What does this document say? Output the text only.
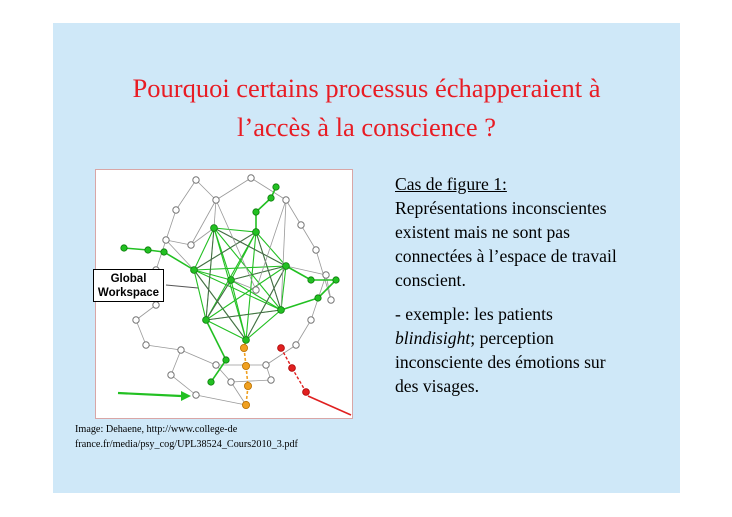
Pourquoi certains processus échapperaient à
l’accès à la conscience ?
Global
Workspace
Image: Dehaene, http://www.college-de
france.fr/media/psy_cog/UPL38524_Cours2010_3.pdf
Cas de figure 1:
Représentations inconscientes
existent mais ne sont pas
connectées à l’espace de travail
conscient.
- exemple: les patients
blindisight; perception
inconsciente des émotions sur
des visages.
